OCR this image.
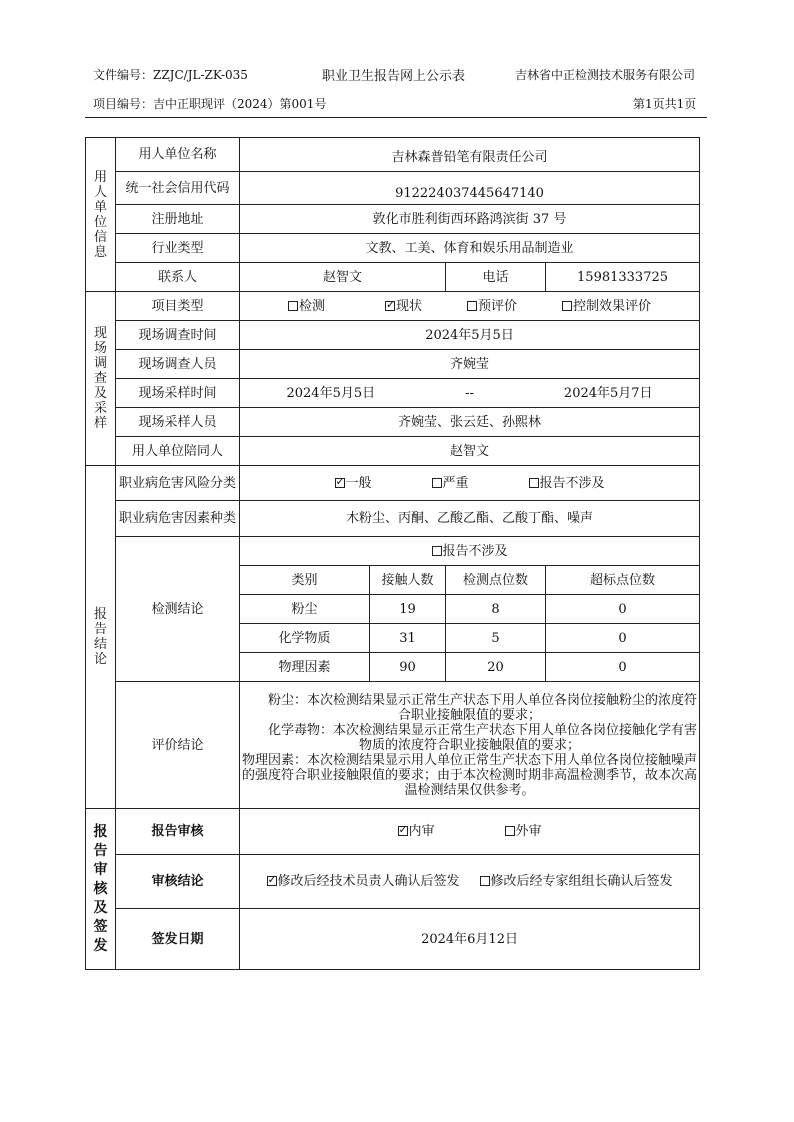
文件编号：ZZJC/JL-ZK-035	职业卫生报告网上公示表	吉林省中正检测技术服务有限公司
项目编号：吉中正职现评（2024）第001号	第1页共1页
用人单位信息	用人单位名称	吉林森普铅笔有限责任公司			
	统一社会信用代码	912224037445647140			
	注册地址	敦化市胜利街西环路鸿滨街 37 号			
	行业类型	文教、工美、体育和娱乐用品制造业			
	联系人	赵智文		电话	15981333725

现场调查及采样	项目类型	检测 ✓ 现状 预评价 控制效果评价
	现场调查时间	2024年5月5日			
	现场调查人员	齐婉莹			
	现场采样时间	2024年5月5日 -- 2024年5月7日			
	现场采样人员	齐婉莹、张云廷、孙熙林			
	用人单位陪同人	赵智文			

报告结论	职业病危害风险分类	✓一般 严重 报告不涉及
	职业病危害因素种类	木粉尘、丙酮、乙酸乙酯、乙酸丁酯、噪声			
	检测结论	报告不涉及			
		类别	接触人数	检测点位数	超标点位数
		粉尘	19	8	0
		化学物质	31	5	0
		物理因素	90	20	0
	评价结论	粉尘：本次检测结果显示正常生产状态下用人单位各岗位接触粉尘的浓度符合职业接触限值的要求；

化学毒物：本次检测结果显示正常生产状态下用人单位各岗位接触化学有害物质的浓度符合职业接触限值的要求；

物理因素：本次检测结果显示用人单位正常生产状态下用人单位各岗位接触噪声的强度符合职业接触限值的要求；由于本次检测时期非高温检测季节，故本次高温检测结果仅供参考。			

报告审核及签发	报告审核	✓内审 外审
	审核结论	✓修改后经技术员责人确认后签发 修改后经专家组组长确认后签发
	签发日期	2024年6月12日			
